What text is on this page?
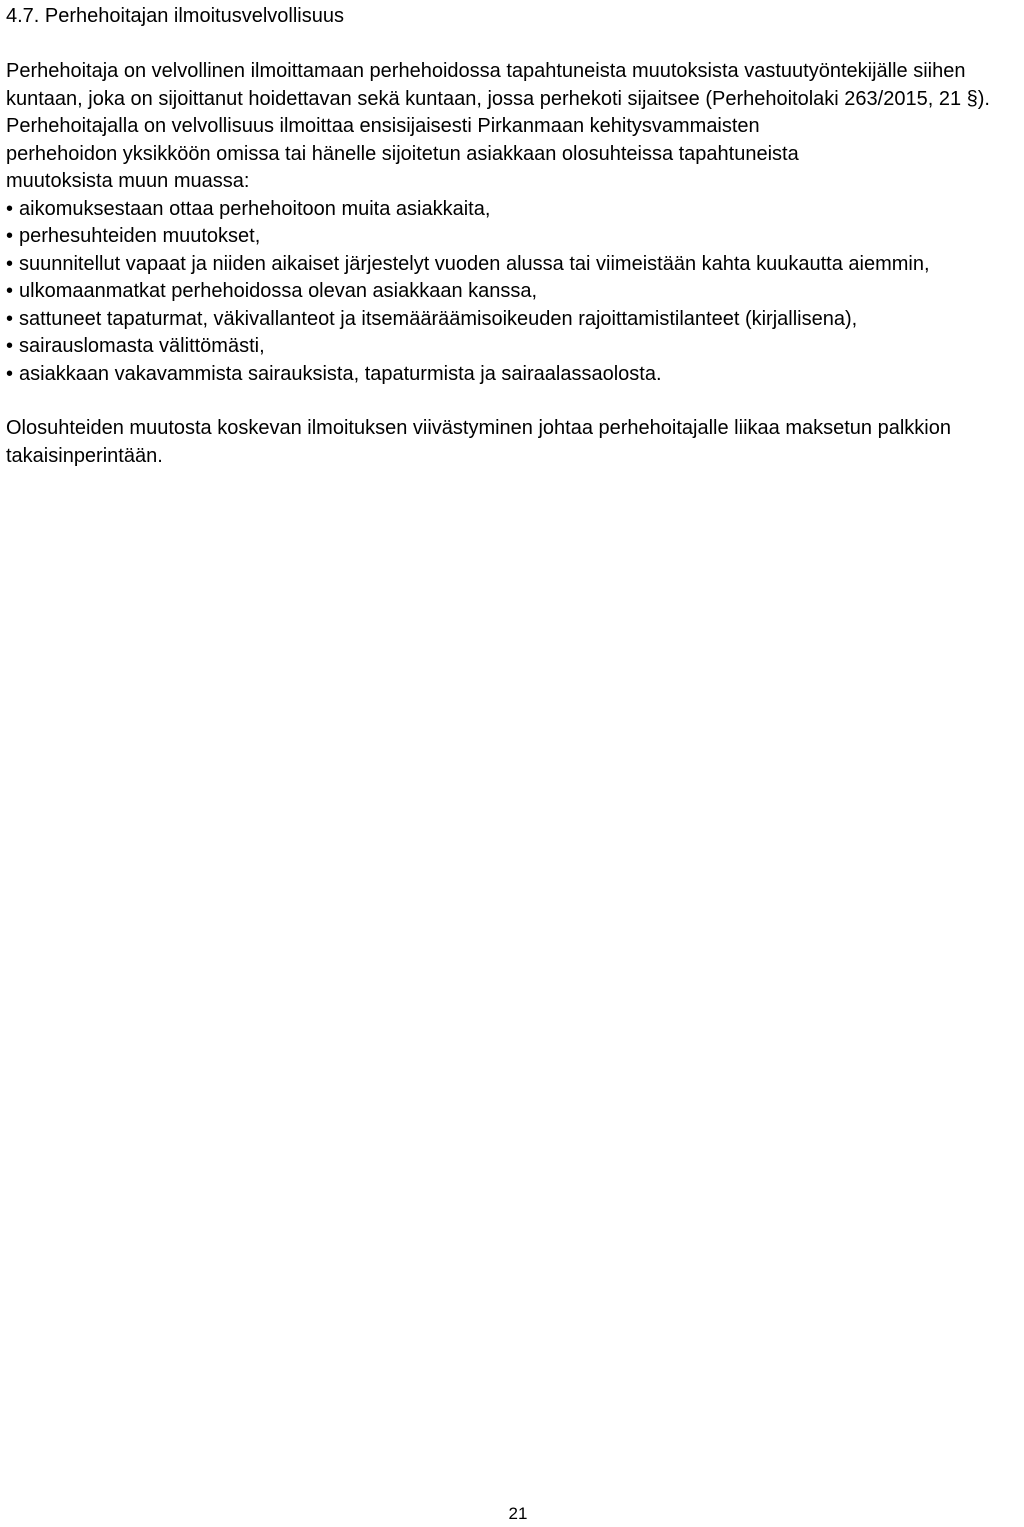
4.7. Perhehoitajan ilmoitusvelvollisuus

Perhehoitaja on velvollinen ilmoittamaan perhehoidossa tapahtuneista muutoksista vastuutyöntekijälle siihen kuntaan, joka on sijoittanut hoidettavan sekä kuntaan, jossa perhekoti sijaitsee (Perhehoitolaki 263/2015, 21 §).

Perhehoitajalla on velvollisuus ilmoittaa ensisijaisesti Pirkanmaan kehitysvammaisten
perhehoidon yksikköön omissa tai hänelle sijoitetun asiakkaan olosuhteissa tapahtuneista
muutoksista muun muassa:

• aikomuksestaan ottaa perhehoitoon muita asiakkaita,
• perhesuhteiden muutokset,
• suunnitellut vapaat ja niiden aikaiset järjestelyt vuoden alussa tai viimeistään kahta kuukautta aiemmin,
• ulkomaanmatkat perhehoidossa olevan asiakkaan kanssa,
• sattuneet tapaturmat, väkivallanteot ja itsemääräämisoikeuden rajoittamistilanteet (kirjallisena),
• sairauslomasta välittömästi,
• asiakkaan vakavammista sairauksista, tapaturmista ja sairaalassaolosta.

Olosuhteiden muutosta koskevan ilmoituksen viivästyminen johtaa perhehoitajalle liikaa maksetun palkkion takaisinperintään.

21
